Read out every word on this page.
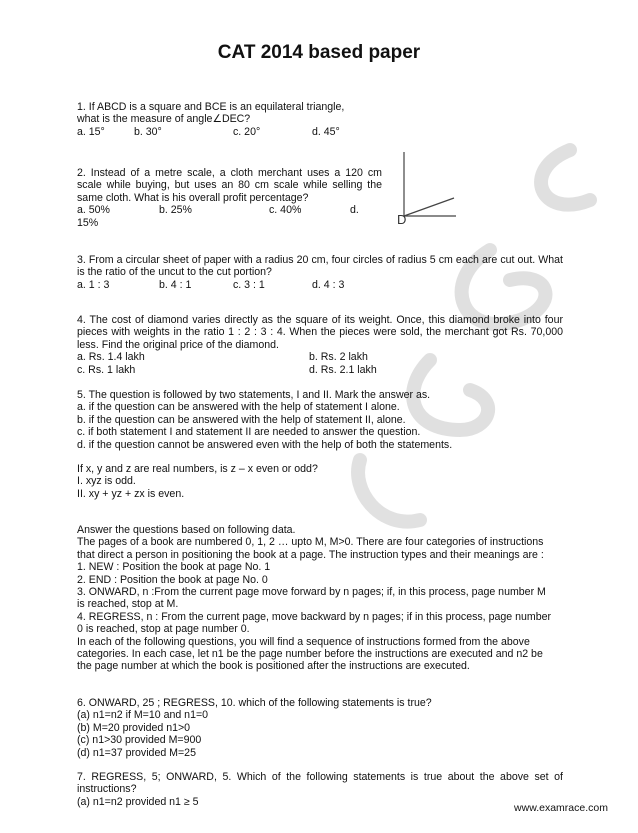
CAT 2014 based paper
1. If ABCD is a square and BCE is an equilateral triangle,
what is the measure of angle∠DEC?
a. 15°	b. 30°	c. 20°	d. 45°
2. Instead of a metre scale, a cloth merchant uses a 120 cm scale while buying, but uses an 80 cm scale while selling the same cloth. What is his overall profit percentage?
a. 50%	b. 25%	c. 40%	d.
15%	D
3. From a circular sheet of paper with a radius 20 cm, four circles of radius 5 cm each are cut out. What is the ratio of the uncut to the cut portion?
a. 1 : 3	b. 4 : 1	c. 3 : 1	d. 4 : 3
4. The cost of diamond varies directly as the square of its weight. Once, this diamond broke into four pieces with weights in the ratio 1 : 2 : 3 : 4. When the pieces were sold, the merchant got Rs. 70,000 less. Find the original price of the diamond.
a. Rs. 1.4 lakh	b. Rs. 2 lakh
c. Rs. 1 lakh	d. Rs. 2.1 lakh
5. The question is followed by two statements, I and II. Mark the answer as.
a. if the question can be answered with the help of statement I alone.
b. if the question can be answered with the help of statement II, alone.
c. if both statement I and statement II are needed to answer the question.
d. if the question cannot be answered even with the help of both the statements.
If x, y and z are real numbers, is z – x even or odd?
I. xyz is odd.
II. xy + yz + zx is even.
Answer the questions based on following data.
The pages of a book are numbered 0, 1, 2 … upto M, M>0. There are four categories of instructions
that direct a person in positioning the book at a page. The instruction types and their meanings are :
1. NEW : Position the book at page No. 1
2. END : Position the book at page No. 0
3. ONWARD, n :From the current page move forward by n pages; if, in this process, page number M
is reached, stop at M.
4. REGRESS, n : From the current page, move backward by n pages; if in this process, page number
0 is reached, stop at page number 0.
In each of the following questions, you will find a sequence of instructions formed from the above
categories. In each case, let n1 be the page number before the instructions are executed and n2 be
the page number at which the book is positioned after the instructions are executed.
6. ONWARD, 25 ; REGRESS, 10. which of the following statements is true?
(a) n1=n2 if M=10 and n1=0
(b) M=20 provided n1>0
(c) n1>30 provided M=900
(d) n1=37 provided M=25
7. REGRESS, 5; ONWARD, 5. Which of the following statements is true about the above set of instructions?
(a) n1=n2 provided n1 ≥ 5
www.examrace.com
